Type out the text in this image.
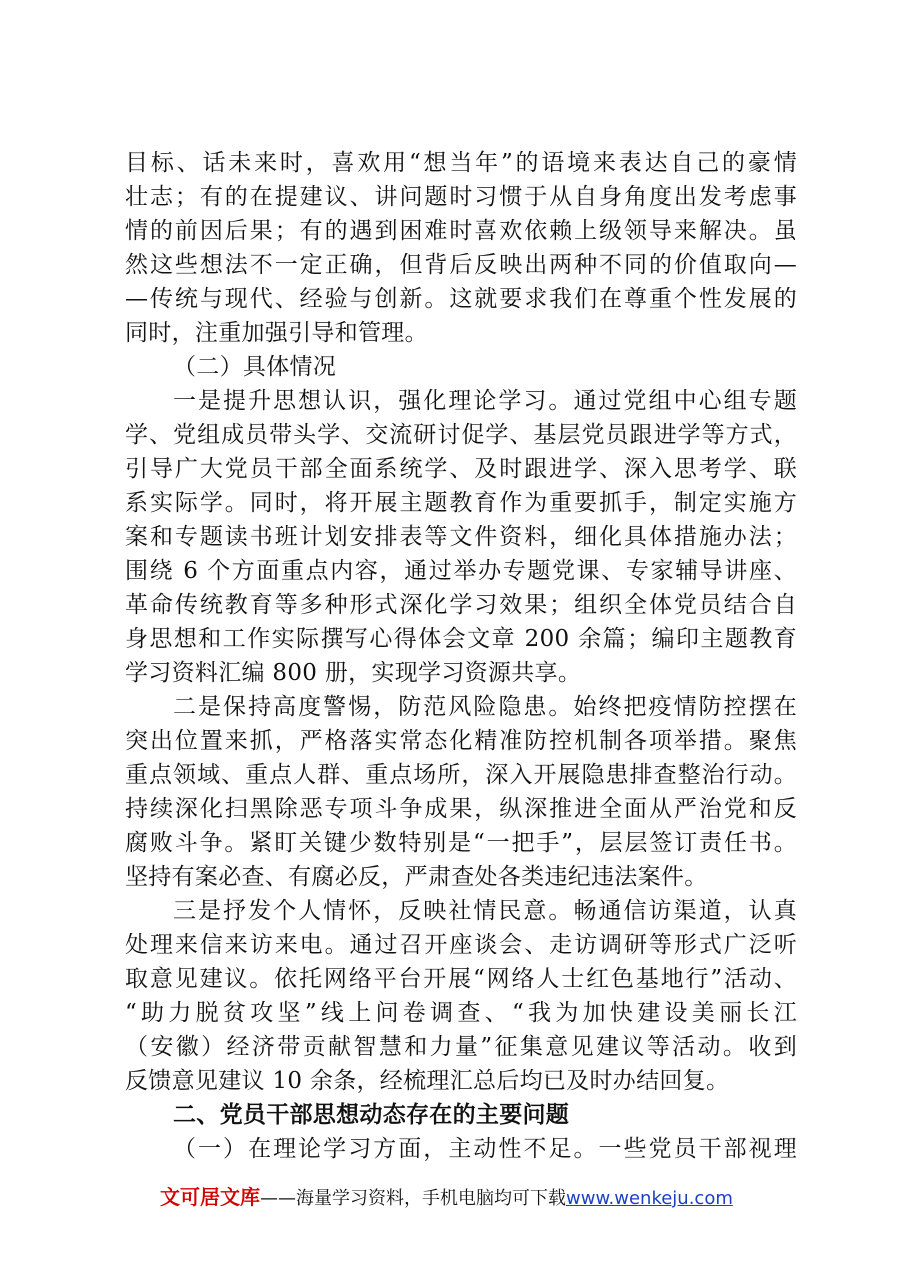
目标、话未来时，喜欢用“想当年”的语境来表达自己的豪情
壮志；有的在提建议、讲问题时习惯于从自身角度出发考虑事
情的前因后果；有的遇到困难时喜欢依赖上级领导来解决。虽
然这些想法不一定正确，但背后反映出两种不同的价值取向—
—传统与现代、经验与创新。这就要求我们在尊重个性发展的
同时，注重加强引导和管理。
（二）具体情况
一是提升思想认识，强化理论学习。通过党组中心组专题
学、党组成员带头学、交流研讨促学、基层党员跟进学等方式，
引导广大党员干部全面系统学、及时跟进学、深入思考学、联
系实际学。同时，将开展主题教育作为重要抓手，制定实施方
案和专题读书班计划安排表等文件资料，细化具体措施办法；
围绕 6 个方面重点内容，通过举办专题党课、专家辅导讲座、
革命传统教育等多种形式深化学习效果；组织全体党员结合自
身思想和工作实际撰写心得体会文章 200 余篇；编印主题教育
学习资料汇编 800 册，实现学习资源共享。
二是保持高度警惕，防范风险隐患。始终把疫情防控摆在
突出位置来抓，严格落实常态化精准防控机制各项举措。聚焦
重点领域、重点人群、重点场所，深入开展隐患排查整治行动。
持续深化扫黑除恶专项斗争成果，纵深推进全面从严治党和反
腐败斗争。紧盯关键少数特别是“一把手”，层层签订责任书。
坚持有案必查、有腐必反，严肃查处各类违纪违法案件。
三是抒发个人情怀，反映社情民意。畅通信访渠道，认真
处理来信来访来电。通过召开座谈会、走访调研等形式广泛听
取意见建议。依托网络平台开展“网络人士红色基地行”活动、
“助力脱贫攻坚”线上问卷调查、“我为加快建设美丽长江
（安徽）经济带贡献智慧和力量”征集意见建议等活动。收到
反馈意见建议 10 余条，经梳理汇总后均已及时办结回复。
二、党员干部思想动态存在的主要问题
（一）在理论学习方面，主动性不足。一些党员干部视理
文可居文库——海量学习资料，手机电脑均可下载www.wenkeju.com
